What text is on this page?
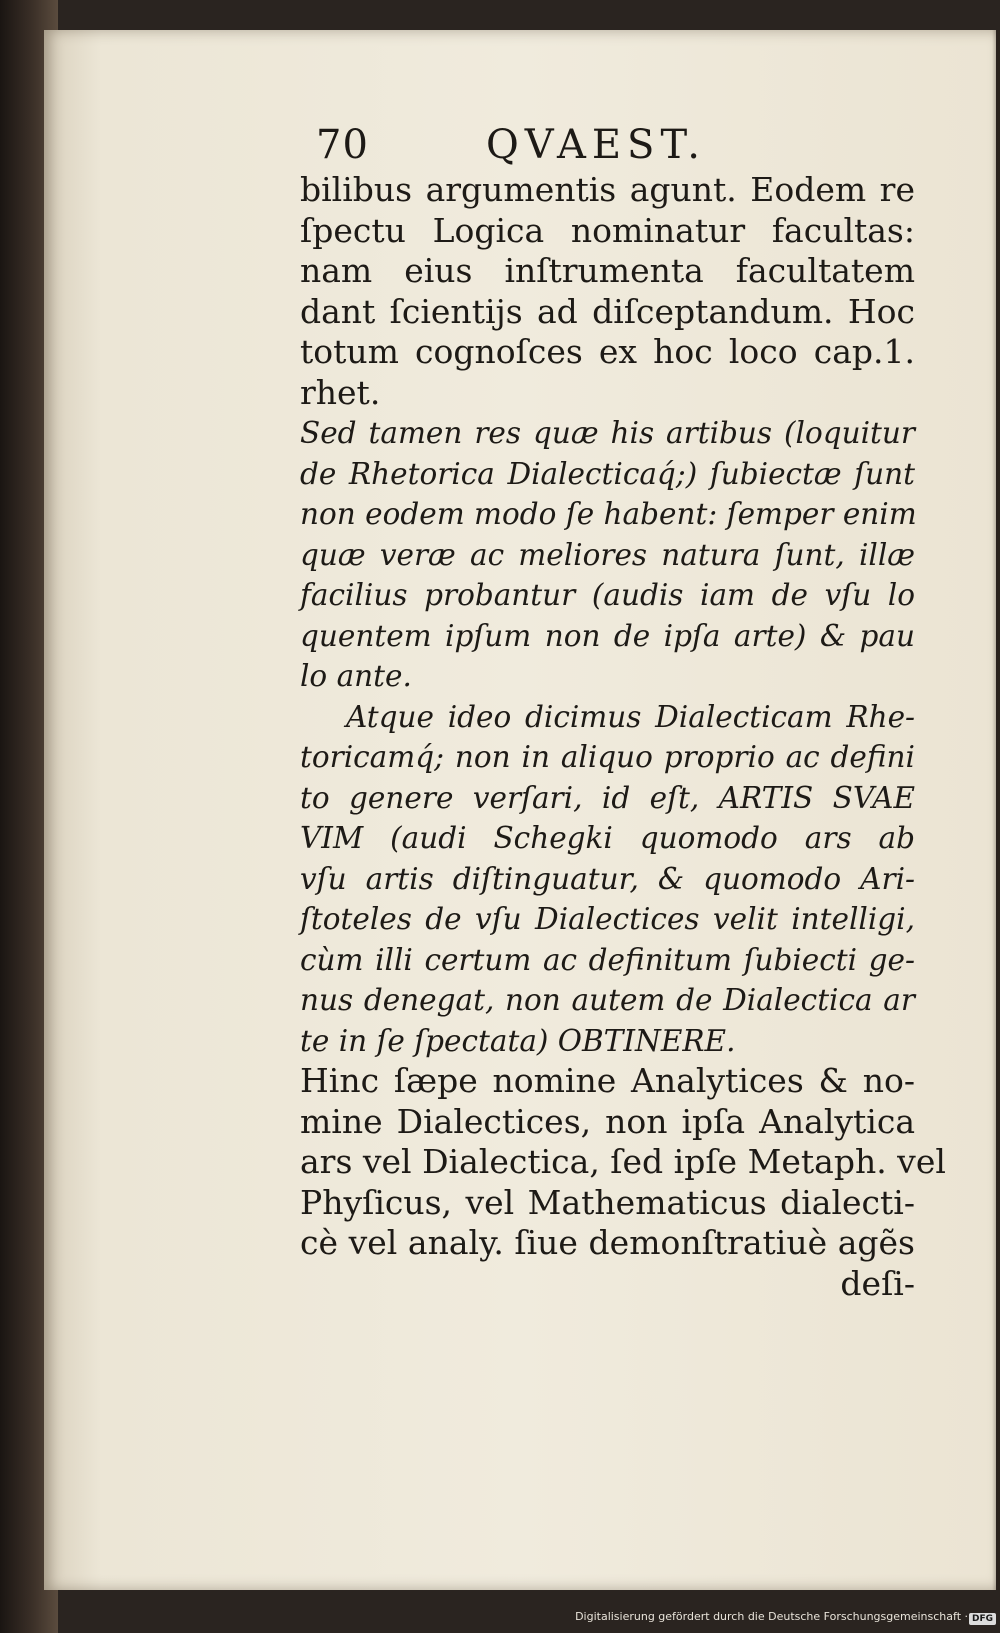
70	QVAEST.
bilibus argumentis agunt. Eodem re
ſpectu Logica nominatur facultas:
nam eius inſtrumenta facultatem
dant ſcientijs ad diſceptandum. Hoc
totum cognoſces ex hoc loco cap.1.
rhet.
Sed tamen res quæ his artibus (loquitur
de Rhetorica Dialecticaq́;) ſubiectæ ſunt
non eodem modo ſe habent: ſemper enim
quæ veræ ac meliores natura ſunt, illæ
facilius probantur (audis iam de vſu lo
quentem ipſum non de ipſa arte) & pau
lo ante.
Atque ideo dicimus Dialecticam Rhe-
toricamq́; non in aliquo proprio ac defini
to genere verſari, id eſt, ARTIS SVAE
VIM (audi Schegki quomodo ars ab
vſu artis diſtinguatur, & quomodo Ari-
ſtoteles de vſu Dialectices velit intelligi,
cùm illi certum ac definitum ſubiecti ge-
nus denegat, non autem de Dialectica ar
te in ſe ſpectata) OBTINERE.
Hinc ſæpe nomine Analytices & no-
mine Dialectices, non ipſa Analytica
ars vel Dialectica, ſed ipſe Metaph. vel
Phyſicus, vel Mathematicus dialecti-
cè vel analy. ſiue demonſtratiuè agẽs
deſi-
Digitalisierung gefördert durch die Deutsche Forschungsgemeinschaft · DFG
